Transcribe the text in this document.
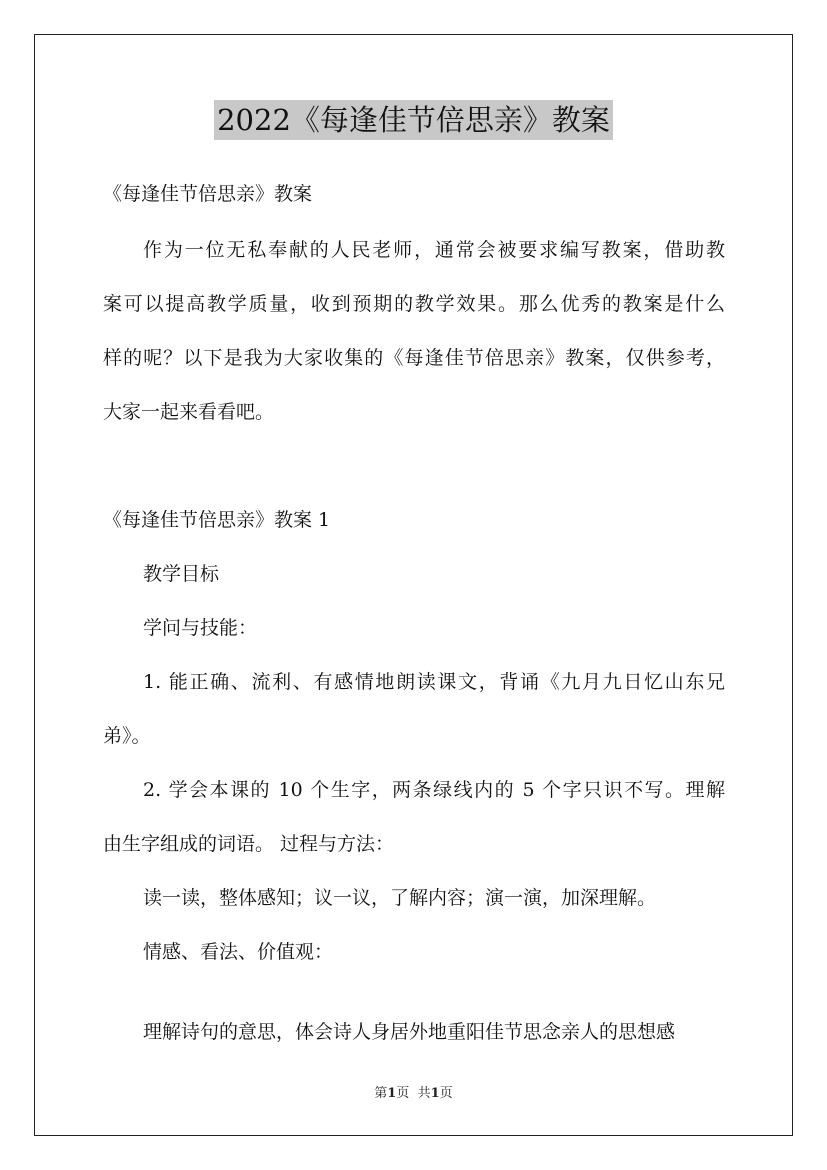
2022《每逢佳节倍思亲》教案
《每逢佳节倍思亲》教案
作为一位无私奉献的人民老师，通常会被要求编写教案，借助教
案可以提高教学质量，收到预期的教学效果。那么优秀的教案是什么
样的呢？以下是我为大家收集的《每逢佳节倍思亲》教案，仅供参考，
大家一起来看看吧。
《每逢佳节倍思亲》教案 1
教学目标
学问与技能：
1. 能正确、流利、有感情地朗读课文，背诵《九月九日忆山东兄
弟》。
2. 学会本课的 10 个生字，两条绿线内的 5 个字只识不写。理解
由生字组成的词语。 过程与方法：
读一读，整体感知；议一议，了解内容；演一演，加深理解。
情感、看法、价值观：
理解诗句的意思，体会诗人身居外地重阳佳节思念亲人的思想感
第1页 共1页
